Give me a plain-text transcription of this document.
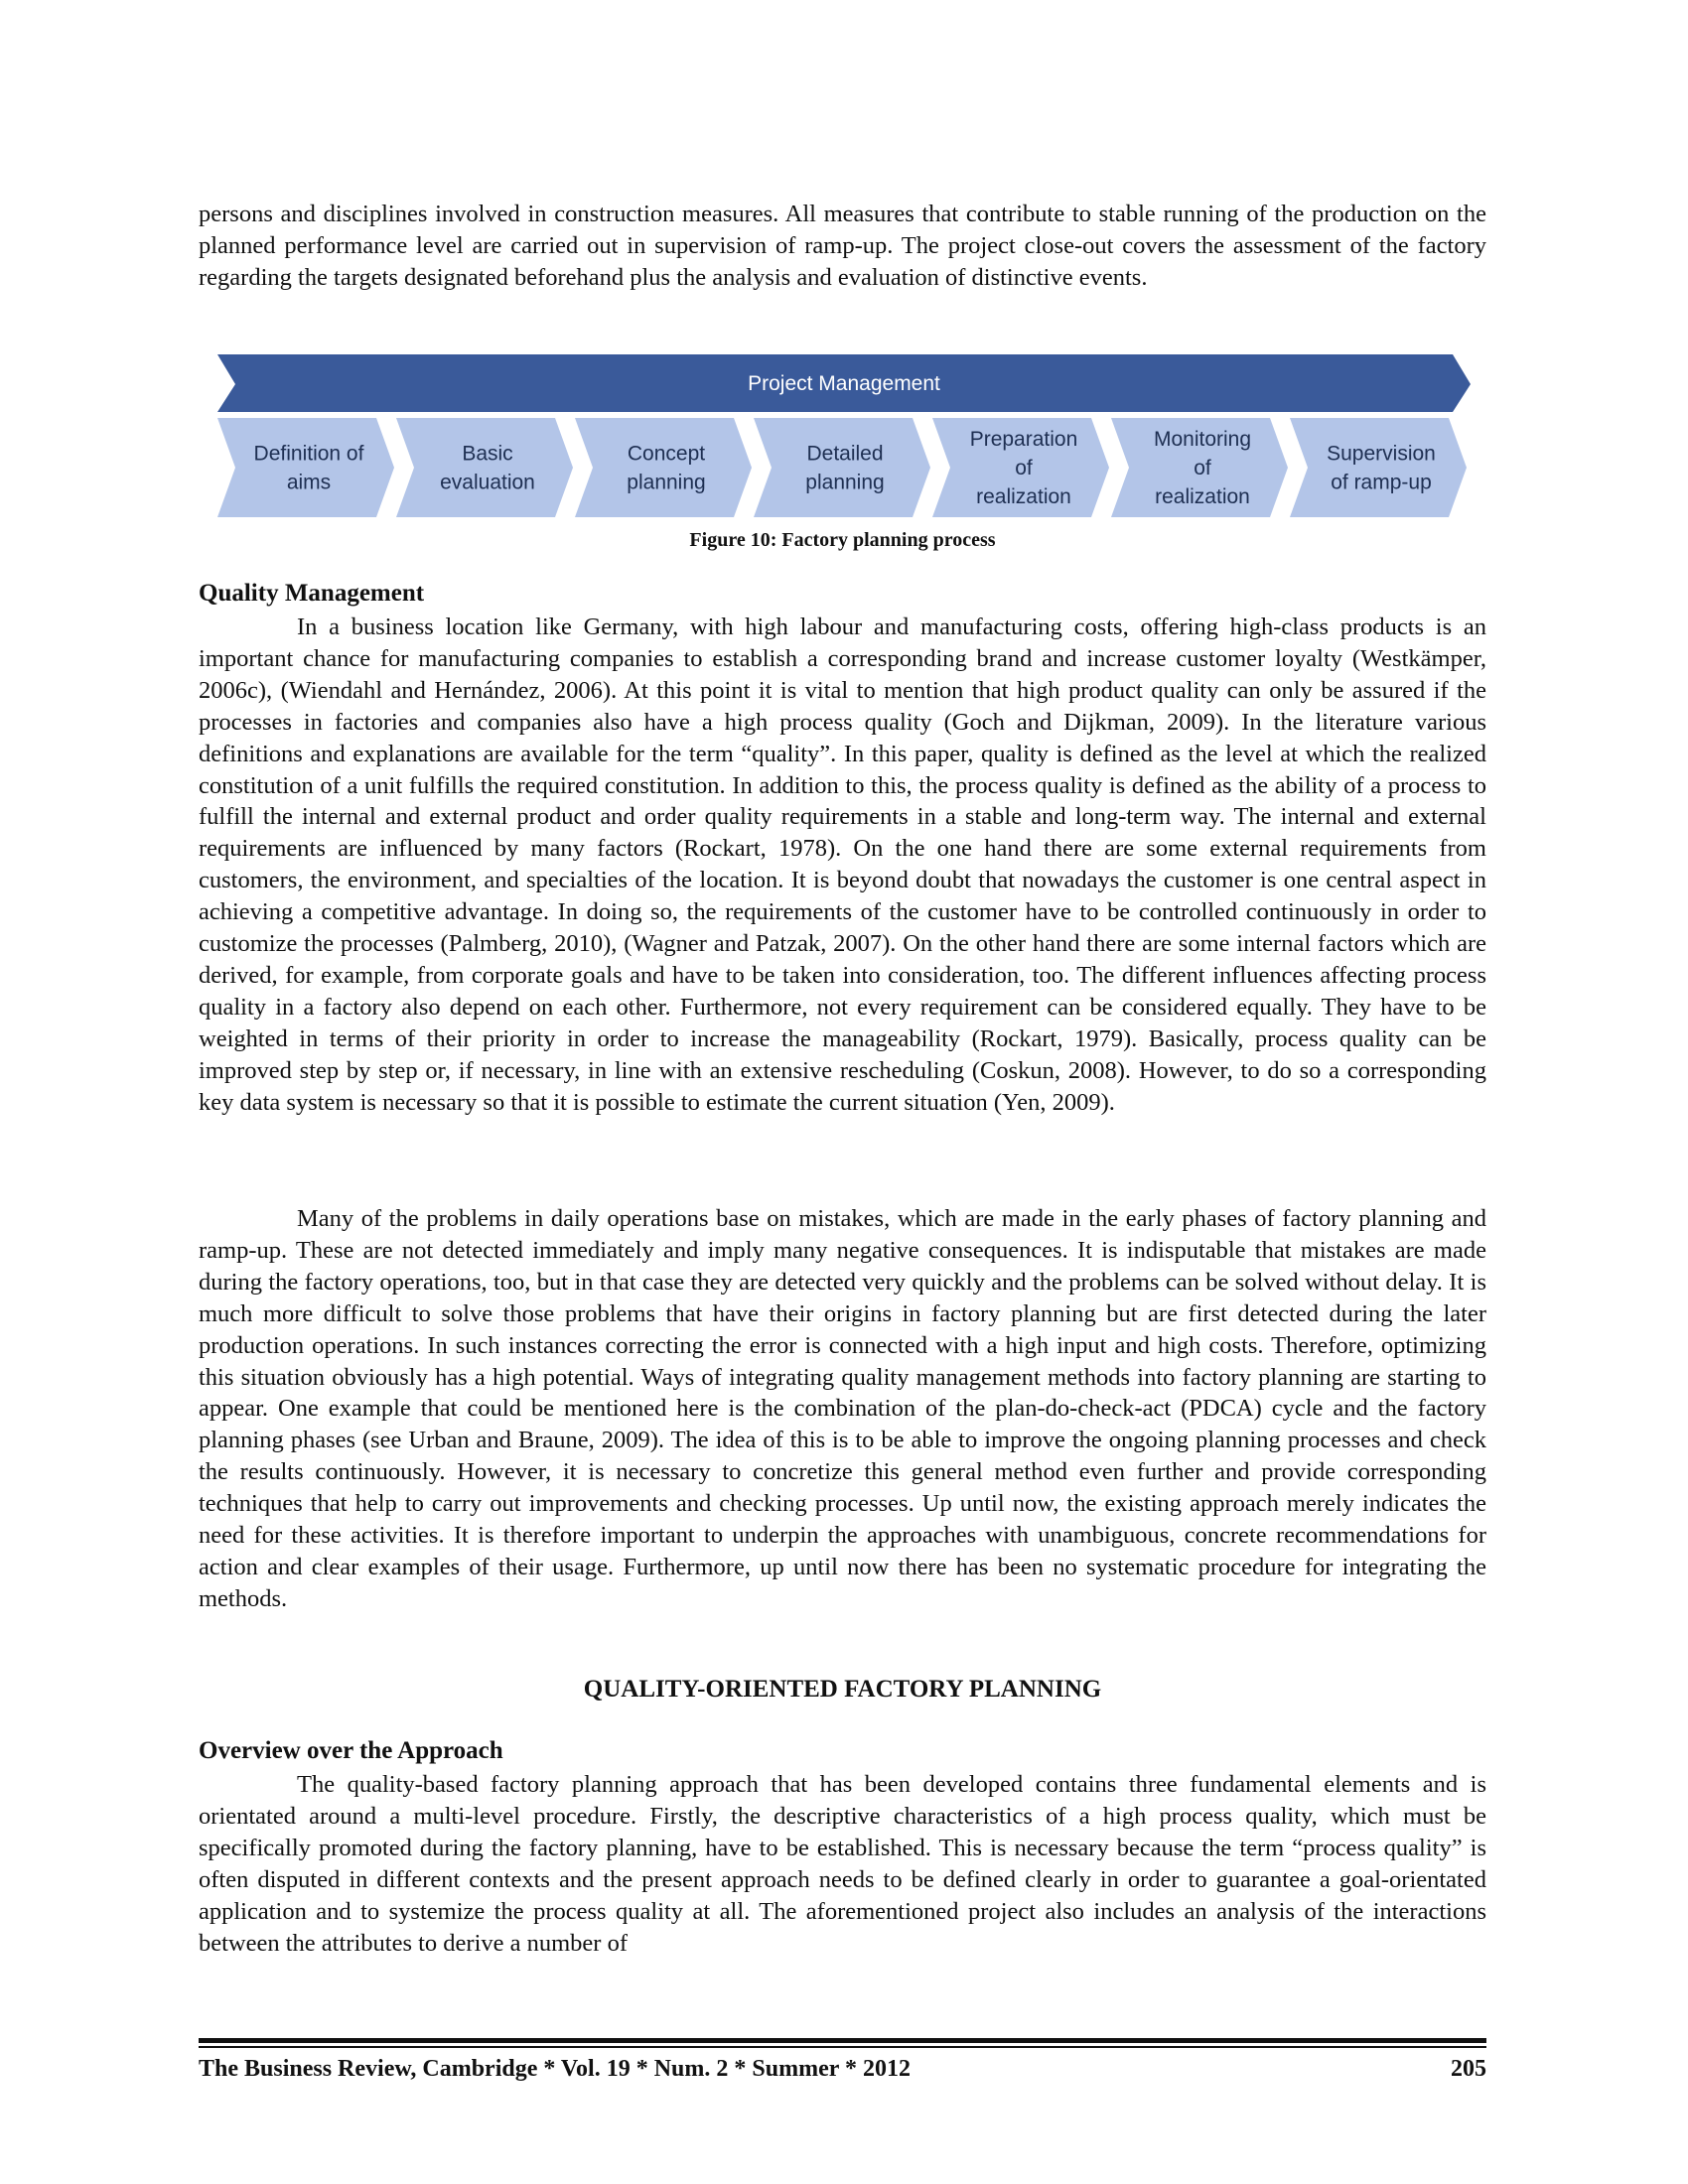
persons and disciplines involved in construction measures. All measures that contribute to stable running of the production on the planned performance level are carried out in supervision of ramp-up. The project close-out covers the assessment of the factory regarding the targets designated beforehand plus the analysis and evaluation of distinctive events.

Project Management
Definition of
aims
Basic
evaluation
Concept
planning
Detailed
planning
Preparation
of
realization
Monitoring
of
realization
Supervision
of ramp-up
Figure 10: Factory planning process
Quality Management

In a business location like Germany, with high labour and manufacturing costs, offering high-class products is an important chance for manufacturing companies to establish a corresponding brand and increase customer loyalty (Westkämper, 2006c), (Wiendahl and Hernández, 2006). At this point it is vital to mention that high product quality can only be assured if the processes in factories and companies also have a high process quality (Goch and Dijkman, 2009). In the literature various definitions and explanations are available for the term “quality”. In this paper, quality is defined as the level at which the realized constitution of a unit fulfills the required constitution. In addition to this, the process quality is defined as the ability of a process to fulfill the internal and external product and order quality requirements in a stable and long-term way. The internal and external requirements are influenced by many factors (Rockart, 1978). On the one hand there are some external requirements from customers, the environment, and specialties of the location. It is beyond doubt that nowadays the customer is one central aspect in achieving a competitive advantage. In doing so, the requirements of the customer have to be controlled continuously in order to customize the processes (Palmberg, 2010), (Wagner and Patzak, 2007). On the other hand there are some internal factors which are derived, for example, from corporate goals and have to be taken into consideration, too. The different influences affecting process quality in a factory also depend on each other. Furthermore, not every requirement can be considered equally. They have to be weighted in terms of their priority in order to increase the manageability (Rockart, 1979). Basically, process quality can be improved step by step or, if necessary, in line with an extensive rescheduling (Coskun, 2008). However, to do so a corresponding key data system is necessary so that it is possible to estimate the current situation (Yen, 2009).

Many of the problems in daily operations base on mistakes, which are made in the early phases of factory planning and ramp-up. These are not detected immediately and imply many negative consequences. It is indisputable that mistakes are made during the factory operations, too, but in that case they are detected very quickly and the problems can be solved without delay. It is much more difficult to solve those problems that have their origins in factory planning but are first detected during the later production operations. In such instances correcting the error is connected with a high input and high costs. Therefore, optimizing this situation obviously has a high potential. Ways of integrating quality management methods into factory planning are starting to appear. One example that could be mentioned here is the combination of the plan-do-check-act (PDCA) cycle and the factory planning phases (see Urban and Braune, 2009). The idea of this is to be able to improve the ongoing planning processes and check the results continuously. However, it is necessary to concretize this general method even further and provide corresponding techniques that help to carry out improvements and checking processes. Up until now, the existing approach merely indicates the need for these activities. It is therefore important to underpin the approaches with unambiguous, concrete recommendations for action and clear examples of their usage. Furthermore, up until now there has been no systematic procedure for integrating the methods.

QUALITY-ORIENTED FACTORY PLANNING

Overview over the Approach

The quality-based factory planning approach that has been developed contains three fundamental elements and is orientated around a multi-level procedure. Firstly, the descriptive characteristics of a high process quality, which must be specifically promoted during the factory planning, have to be established. This is necessary because the term “process quality” is often disputed in different contexts and the present approach needs to be defined clearly in order to guarantee a goal-orientated application and to systemize the process quality at all. The aforementioned project also includes an analysis of the interactions between the attributes to derive a number of

The Business Review, Cambridge * Vol. 19 * Num. 2 * Summer * 2012	205
